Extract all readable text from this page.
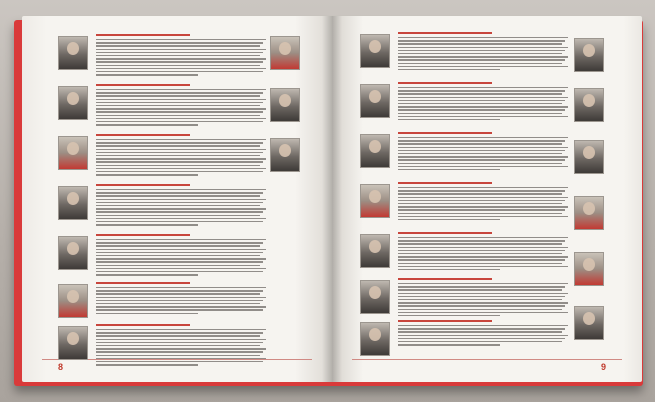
8	9
